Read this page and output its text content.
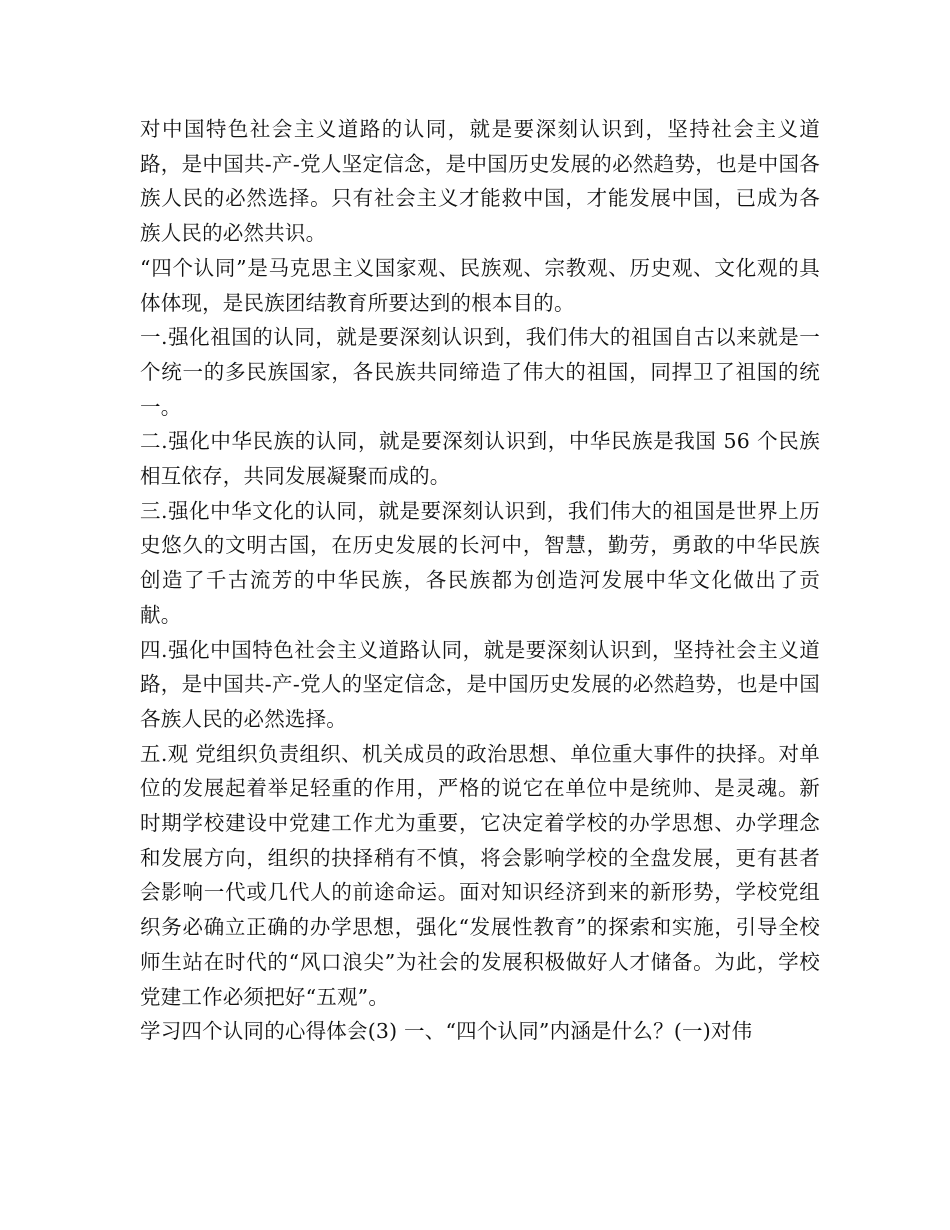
对中国特色社会主义道路的认同，就是要深刻认识到，坚持社会主义道路，是中国共-产-党人坚定信念，是中国历史发展的必然趋势，也是中国各族人民的必然选择。只有社会主义才能救中国，才能发展中国，已成为各族人民的必然共识。

“四个认同”是马克思主义国家观、民族观、宗教观、历史观、文化观的具体体现，是民族团结教育所要达到的根本目的。

一.强化祖国的认同，就是要深刻认识到，我们伟大的祖国自古以来就是一个统一的多民族国家，各民族共同缔造了伟大的祖国，同捍卫了祖国的统一。

二.强化中华民族的认同，就是要深刻认识到，中华民族是我国 56 个民族相互依存，共同发展凝聚而成的。

三.强化中华文化的认同，就是要深刻认识到，我们伟大的祖国是世界上历史悠久的文明古国，在历史发展的长河中，智慧，勤劳，勇敢的中华民族创造了千古流芳的中华民族，各民族都为创造河发展中华文化做出了贡献。

四.强化中国特色社会主义道路认同，就是要深刻认识到，坚持社会主义道路，是中国共-产-党人的坚定信念，是中国历史发展的必然趋势，也是中国各族人民的必然选择。

五.观 党组织负责组织、机关成员的政治思想、单位重大事件的抉择。对单位的发展起着举足轻重的作用，严格的说它在单位中是统帅、是灵魂。新时期学校建设中党建工作尤为重要，它决定着学校的办学思想、办学理念和发展方向，组织的抉择稍有不慎，将会影响学校的全盘发展，更有甚者会影响一代或几代人的前途命运。面对知识经济到来的新形势，学校党组织务必确立正确的办学思想，强化“发展性教育”的探索和实施，引导全校师生站在时代的“风口浪尖”为社会的发展积极做好人才储备。为此，学校党建工作必须把好“五观”。

学习四个认同的心得体会(3) 一、“四个认同”内涵是什么？(一)对伟
